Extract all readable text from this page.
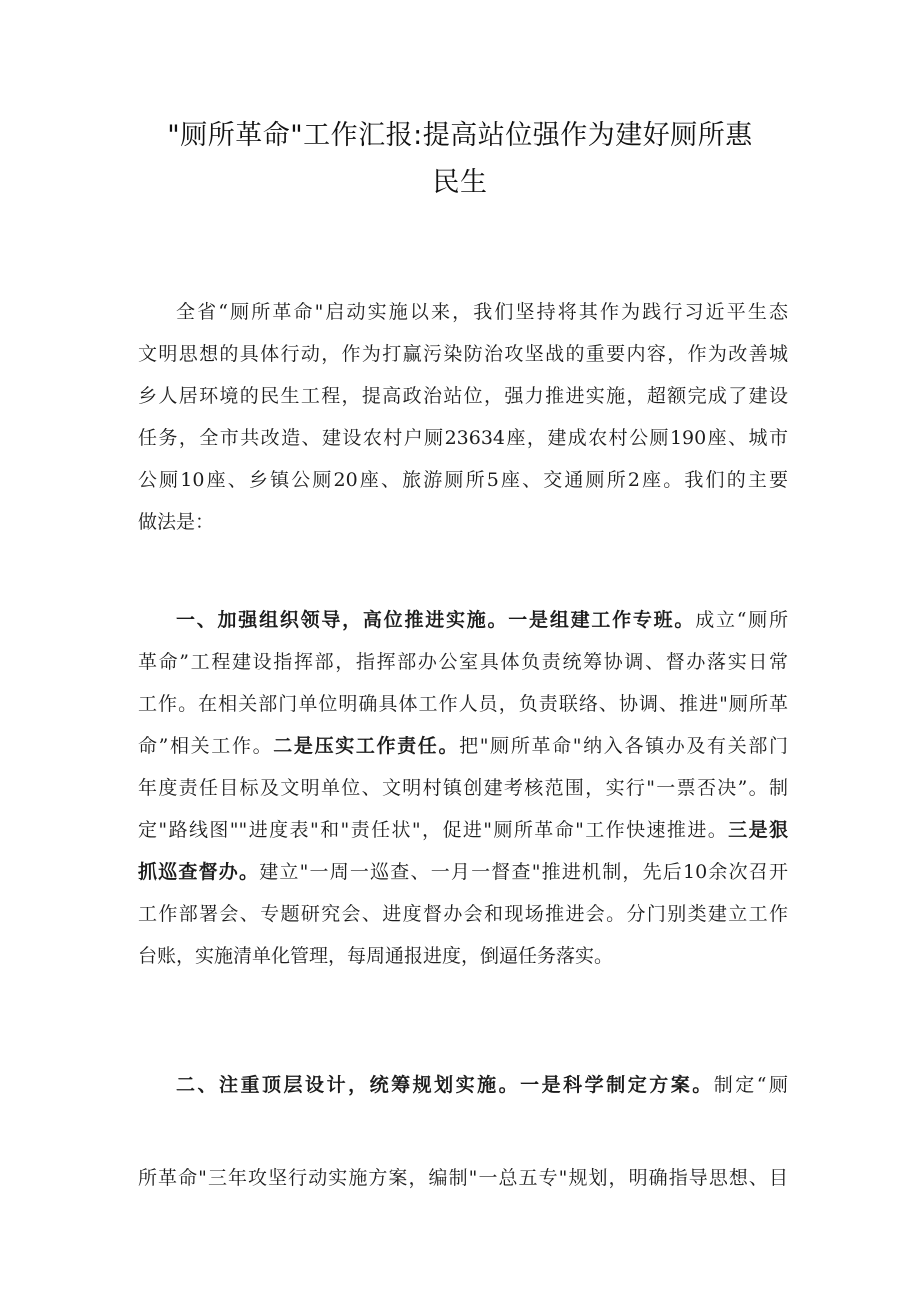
"厕所革命"工作汇报:提高站位强作为建好厕所惠
民生
全省“厕所革命"启动实施以来，我们坚持将其作为践行习近平生态
文明思想的具体行动，作为打赢污染防治攻坚战的重要内容，作为改善城
乡人居环境的民生工程，提高政治站位，强力推进实施，超额完成了建设
任务，全市共改造、建设农村户厕23634座，建成农村公厕190座、城市
公厕10座、乡镇公厕20座、旅游厕所5座、交通厕所2座。我们的主要
做法是：
一、加强组织领导，高位推进实施。一是组建工作专班。成立“厕所
革命”工程建设指挥部，指挥部办公室具体负责统筹协调、督办落实日常
工作。在相关部门单位明确具体工作人员，负责联络、协调、推进"厕所革
命”相关工作。二是压实工作责任。把"厕所革命"纳入各镇办及有关部门
年度责任目标及文明单位、文明村镇创建考核范围，实行"一票否决”。制
定"路线图""进度表"和"责任状"，促进"厕所革命"工作快速推进。三是狠
抓巡查督办。建立"一周一巡查、一月一督查"推进机制，先后10余次召开
工作部署会、专题研究会、进度督办会和现场推进会。分门别类建立工作
台账，实施清单化管理，每周通报进度，倒逼任务落实。
二、注重顶层设计，统筹规划实施。一是科学制定方案。制定“厕
所革命"三年攻坚行动实施方案，编制"一总五专"规划，明确指导思想、目
